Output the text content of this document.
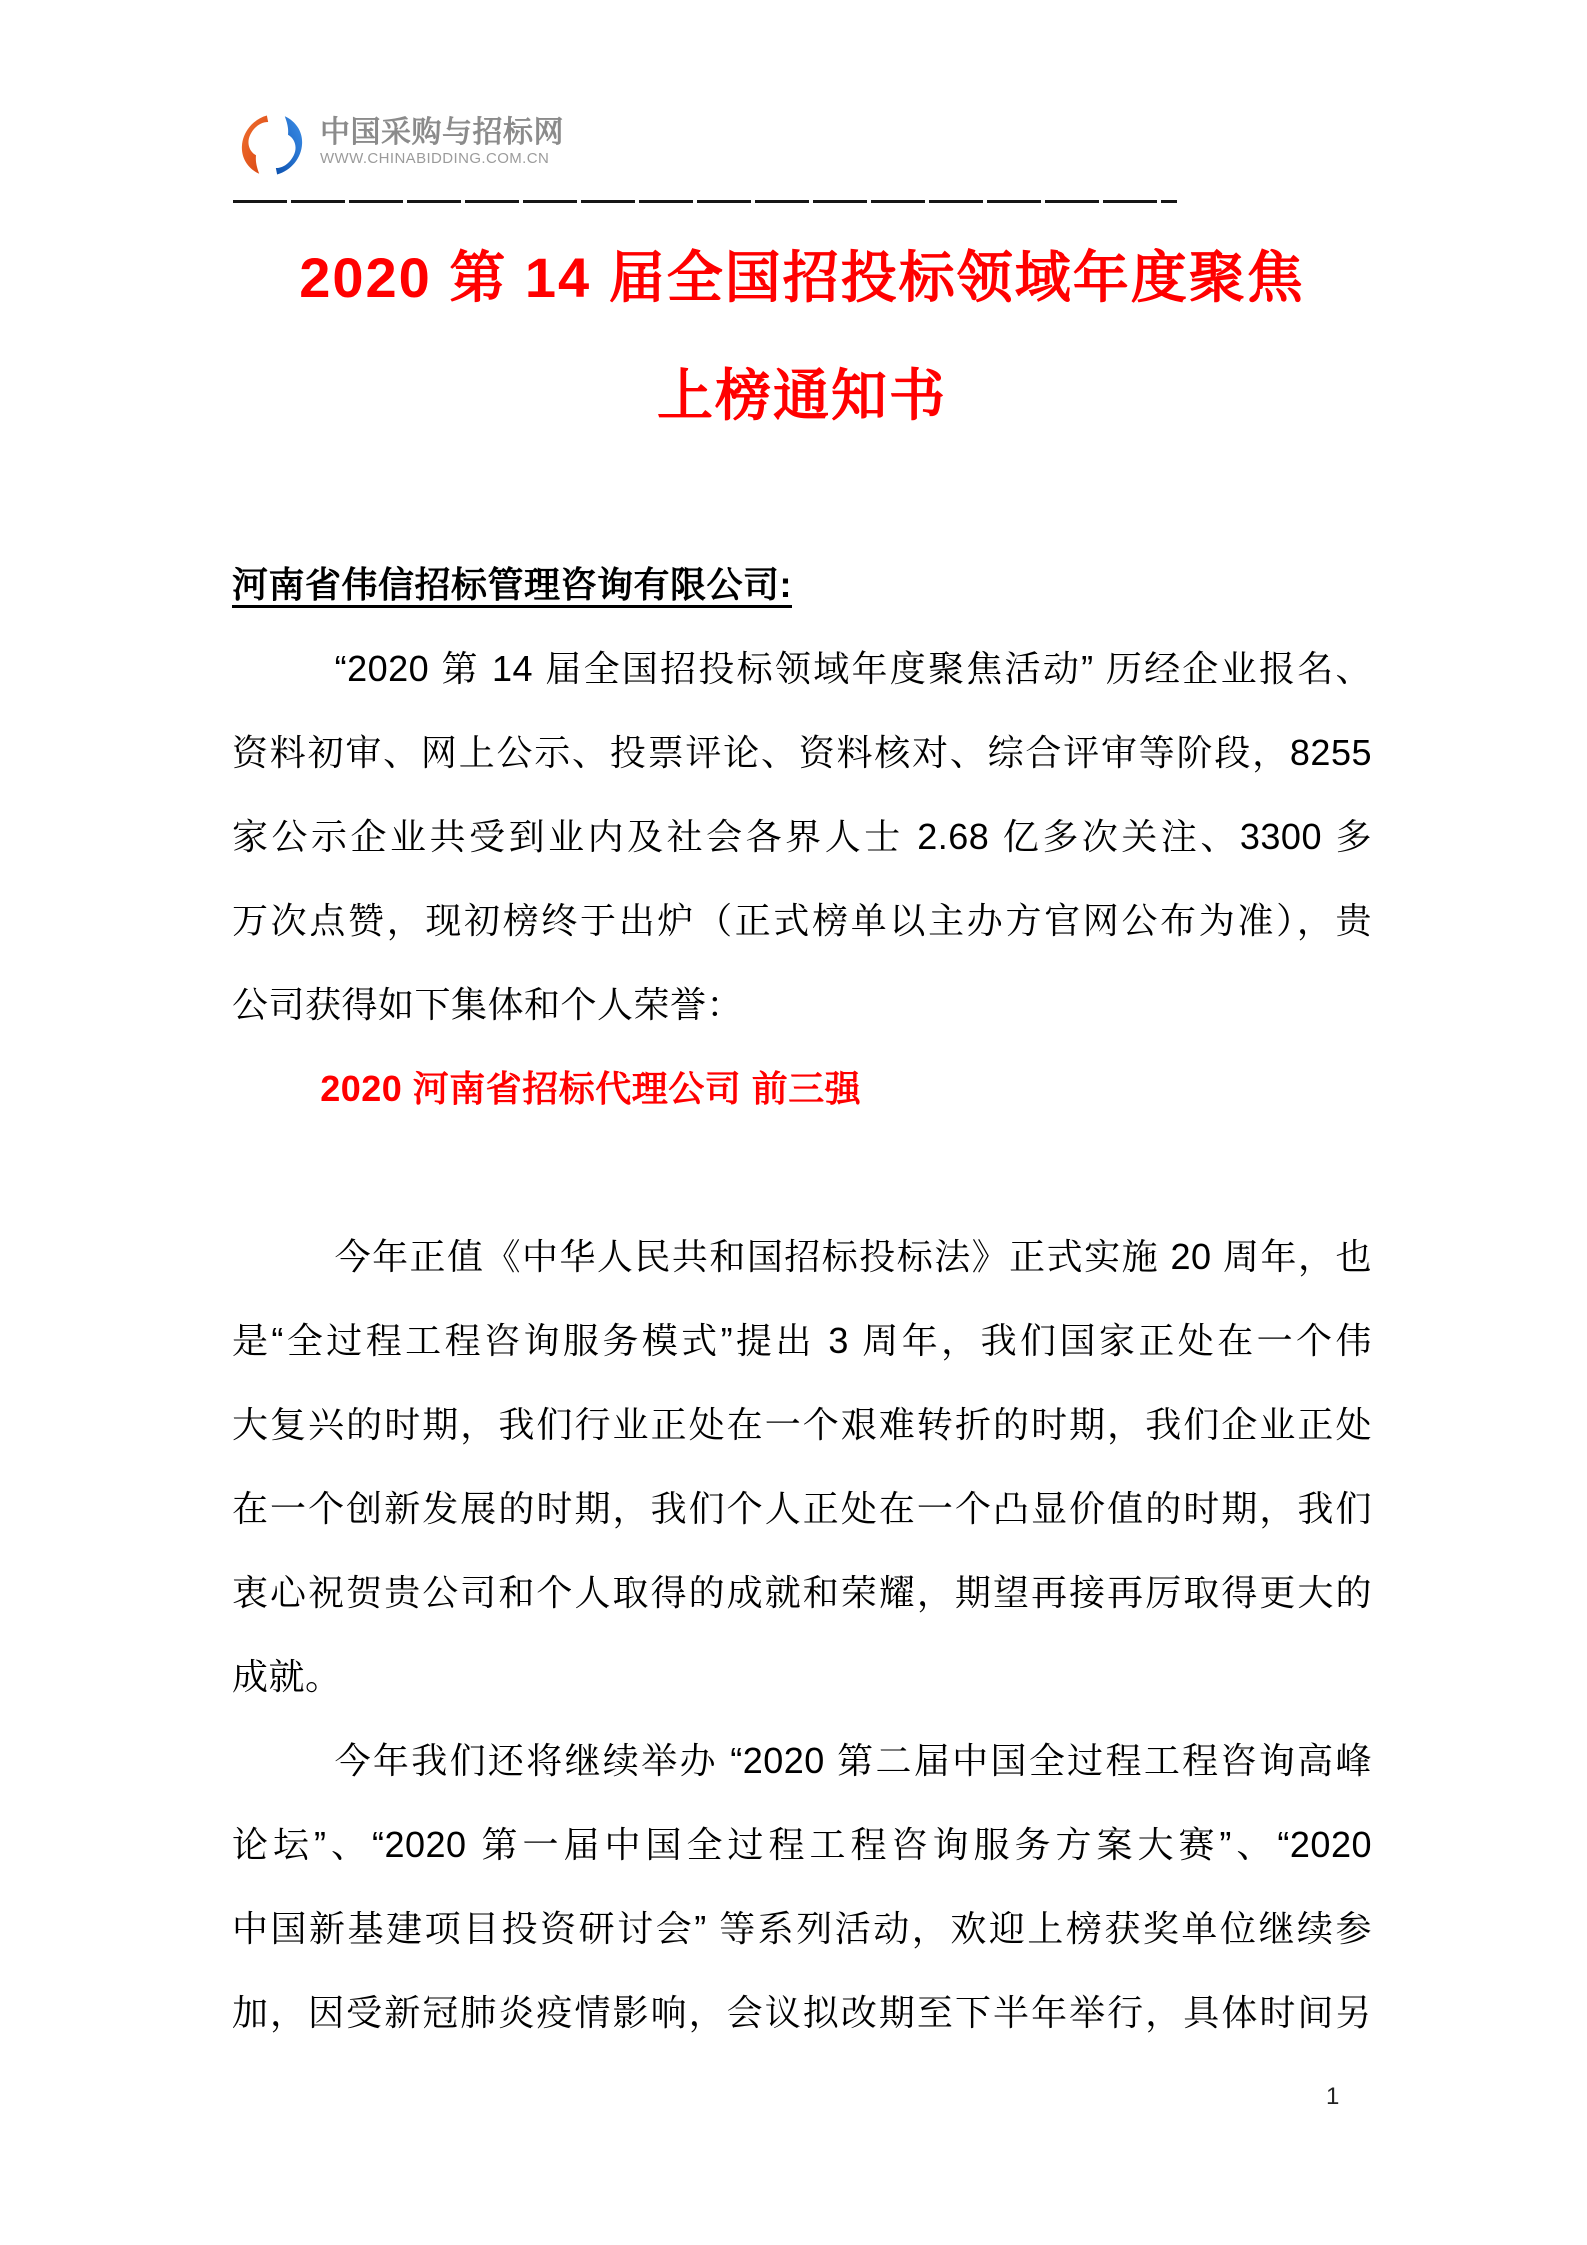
中国采购与招标网
WWW.CHINABIDDING.COM.CN
2020 第 14 届全国招投标领域年度聚焦
上榜通知书
河南省伟信招标管理咨询有限公司:
“2020 第 14 届全国招投标领域年度聚焦活动” 历经企业报名、
资料初审、网上公示、投票评论、资料核对、综合评审等阶段，8255
家公示企业共受到业内及社会各界人士 2.68 亿多次关注、3300 多
万次点赞，现初榜终于出炉（正式榜单以主办方官网公布为准），贵
公司获得如下集体和个人荣誉：
2020 河南省招标代理公司 前三强
今年正值《中华人民共和国招标投标法》正式实施 20 周年，也
是“全过程工程咨询服务模式”提出 3 周年，我们国家正处在一个伟
大复兴的时期，我们行业正处在一个艰难转折的时期，我们企业正处
在一个创新发展的时期，我们个人正处在一个凸显价值的时期，我们
衷心祝贺贵公司和个人取得的成就和荣耀，期望再接再厉取得更大的
成就。
今年我们还将继续举办 “2020 第二届中国全过程工程咨询高峰
论坛”、“2020 第一届中国全过程工程咨询服务方案大赛”、“2020
中国新基建项目投资研讨会” 等系列活动，欢迎上榜获奖单位继续参
加，因受新冠肺炎疫情影响，会议拟改期至下半年举行，具体时间另
1
